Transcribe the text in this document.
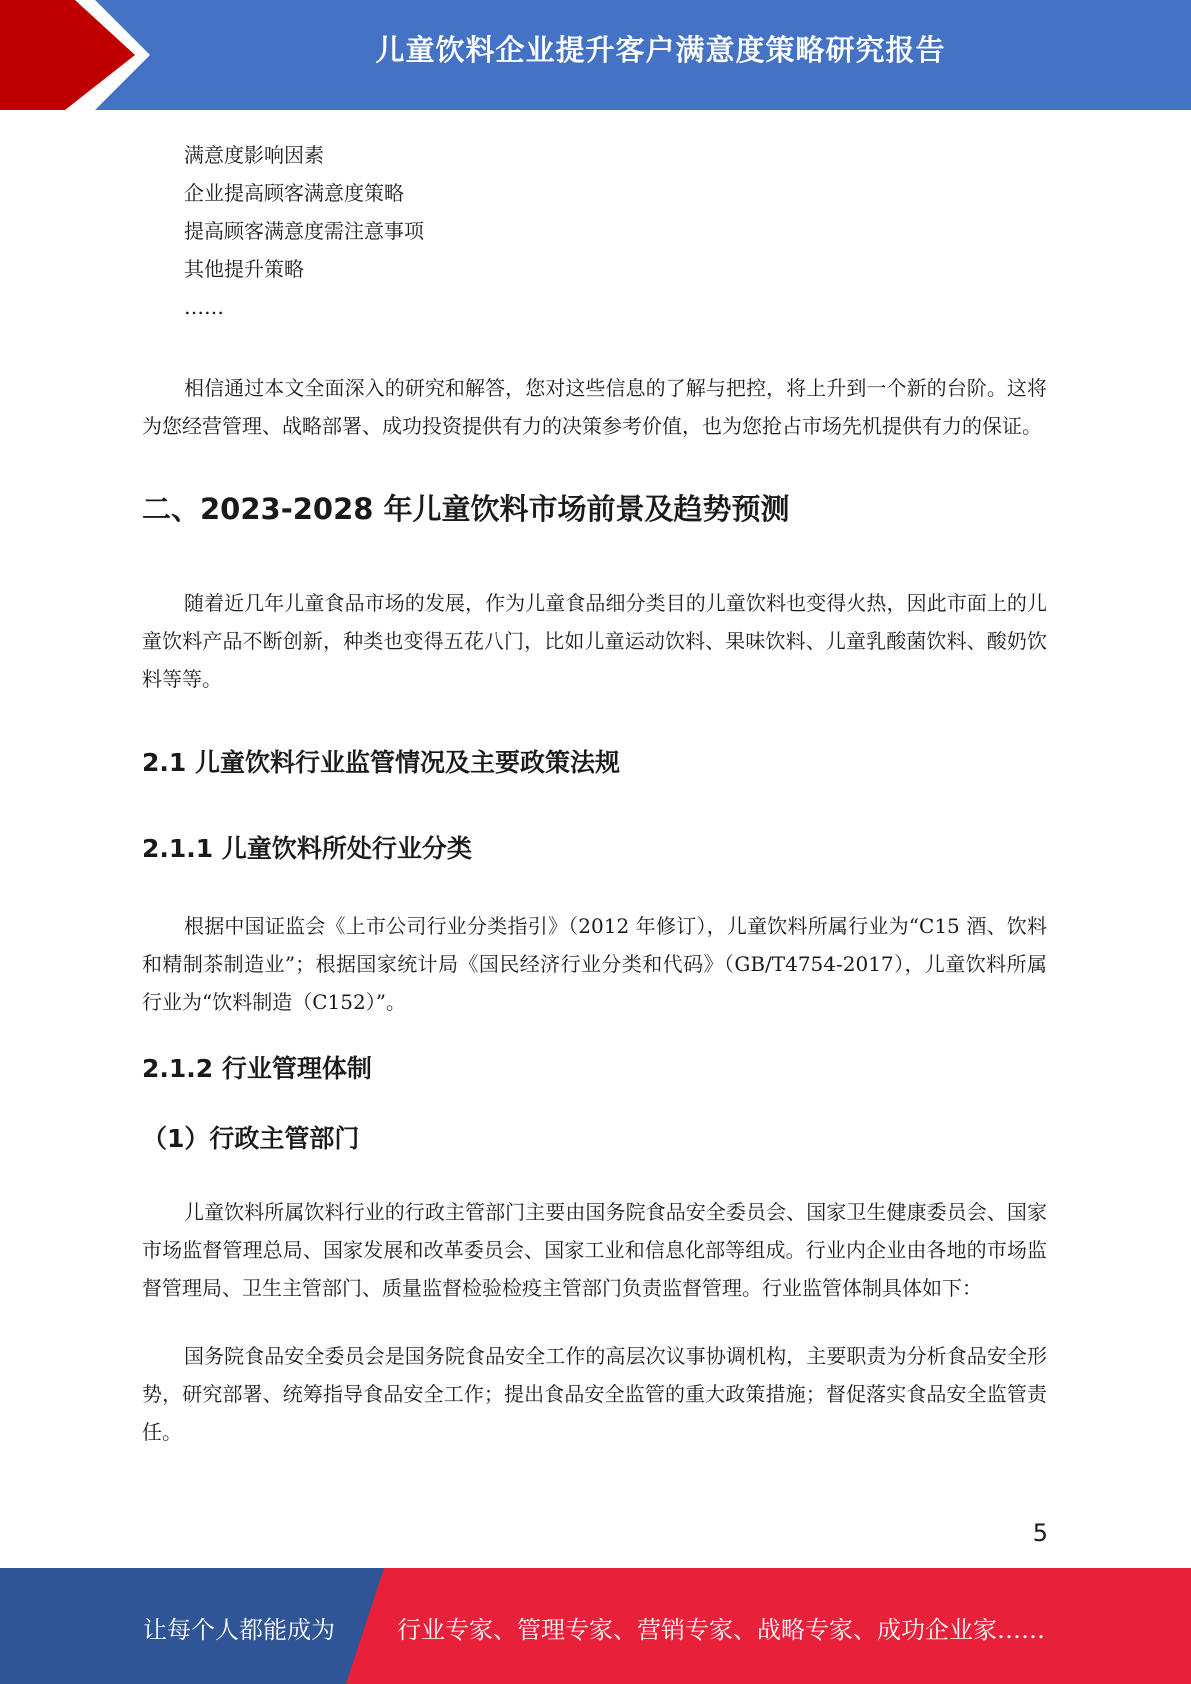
儿童饮料企业提升客户满意度策略研究报告
满意度影响因素
企业提高顾客满意度策略
提高顾客满意度需注意事项
其他提升策略
……

相信通过本文全面深入的研究和解答，您对这些信息的了解与把控，将上升到一个新的台阶。这将为您经营管理、战略部署、成功投资提供有力的决策参考价值，也为您抢占市场先机提供有力的保证。

二、2023-2028 年儿童饮料市场前景及趋势预测

随着近几年儿童食品市场的发展，作为儿童食品细分类目的儿童饮料也变得火热，因此市面上的儿童饮料产品不断创新，种类也变得五花八门，比如儿童运动饮料、果味饮料、儿童乳酸菌饮料、酸奶饮料等等。

2.1 儿童饮料行业监管情况及主要政策法规
2.1.1 儿童饮料所处行业分类

根据中国证监会《上市公司行业分类指引》（2012 年修订），儿童饮料所属行业为“C15 酒、饮料和精制茶制造业”；根据国家统计局《国民经济行业分类和代码》（GB/T4754-2017），儿童饮料所属行业为“饮料制造（C152）”。

2.1.2 行业管理体制
（1）行政主管部门

儿童饮料所属饮料行业的行政主管部门主要由国务院食品安全委员会、国家卫生健康委员会、国家市场监督管理总局、国家发展和改革委员会、国家工业和信息化部等组成。行业内企业由各地的市场监督管理局、卫生主管部门、质量监督检验检疫主管部门负责监督管理。行业监管体制具体如下：

国务院食品安全委员会是国务院食品安全工作的高层次议事协调机构，主要职责为分析食品安全形势，研究部署、统筹指导食品安全工作；提出食品安全监管的重大政策措施；督促落实食品安全监管责任。

5
让每个人都能成为	行业专家、管理专家、营销专家、战略专家、成功企业家……
